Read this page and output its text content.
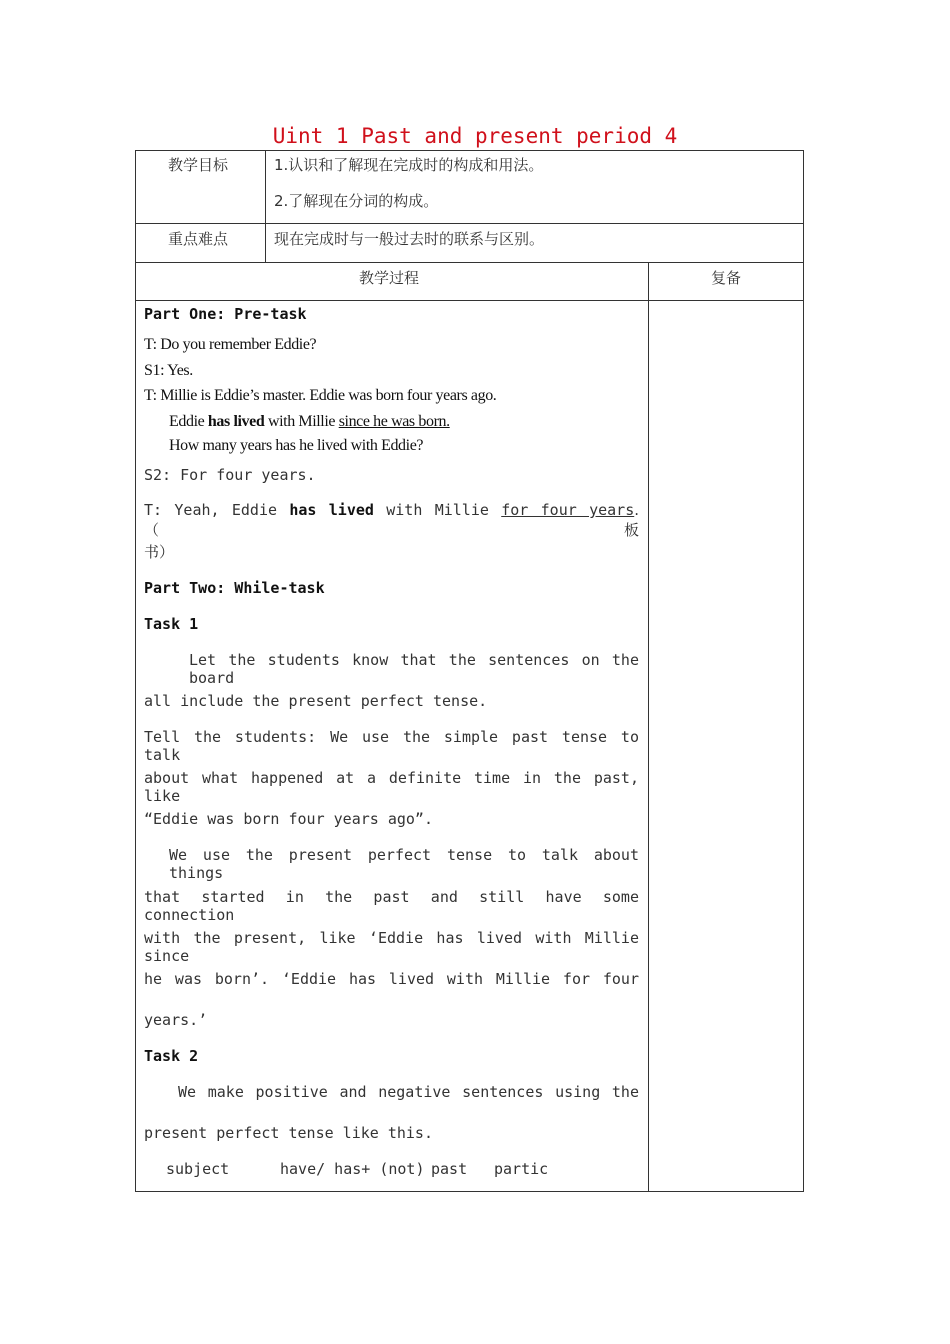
Uint 1 Past and present period 4
教学目标	1.认识和了解现在完成时的构成和用法。
2.了解现在分词的构成。
重点难点	现在完成时与一般过去时的联系与区别。
教学过程	复备
Part One: Pre-task
T: Do you remember Eddie?
S1: Yes.
T: Millie is Eddie’s master. Eddie was born four years ago.
Eddie has lived with Millie since he was born.
How many years has he lived with Eddie?
S2: For four years.
T: Yeah, Eddie has lived with Millie for four years. （板
书）
Part Two: While-task
Task 1
Let the students know that the sentences on the board
all include the present perfect tense.
Tell the students: We use the simple past tense to talk
about what happened at a definite time in the past, like
“Eddie was born four years ago”.
We use the present perfect tense to talk about things
that started in the past and still have some connection
with the present, like ‘Eddie has lived with Millie since
he was born’. ‘Eddie has lived with Millie for four
years.’
Task 2
We make positive and negative sentences using the
present perfect tense like this.
subject	have/ has+ (not) past partic
